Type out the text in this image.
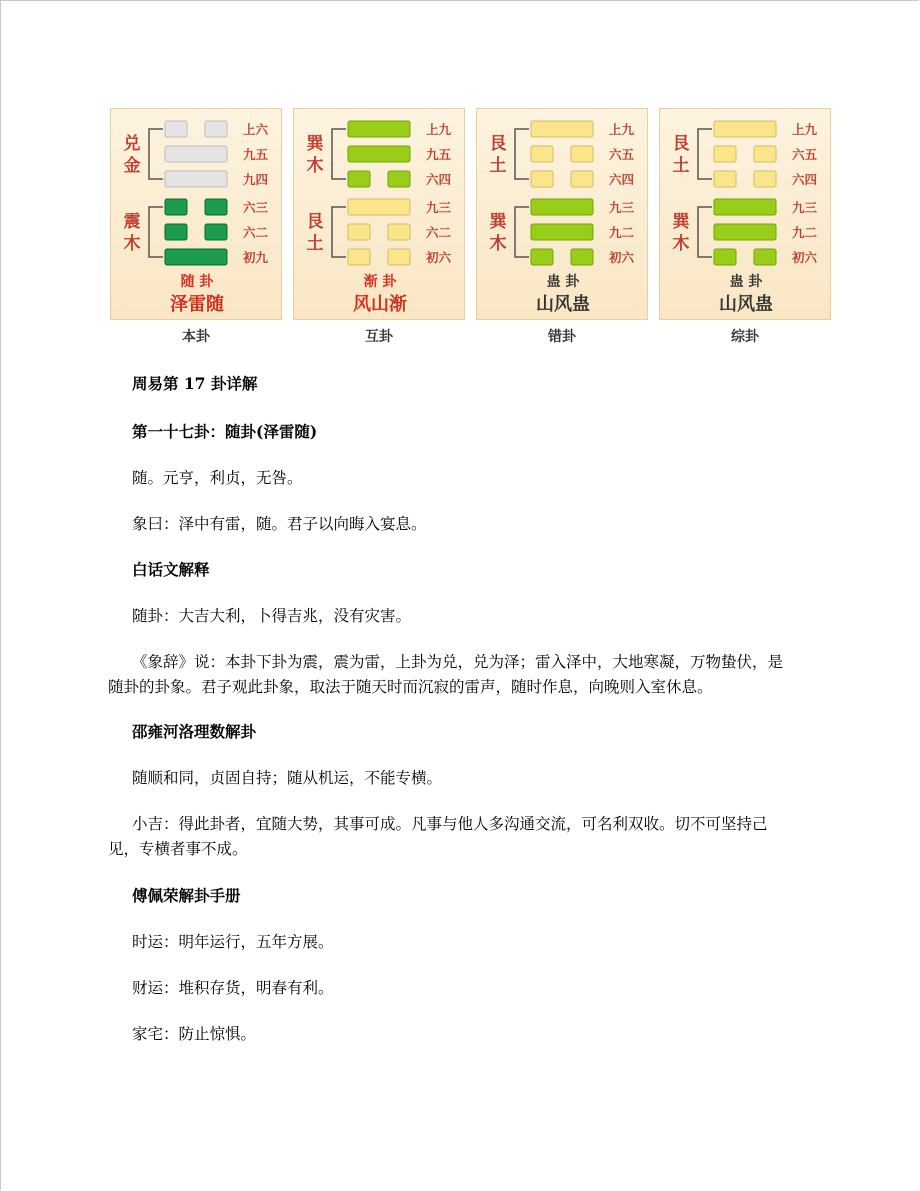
兑
金
震
木
上六
九五
九四
六三
六二
初九
随 卦
泽雷随
本卦
巽
木
艮
土
上九
九五
六四
九三
六二
初六
渐 卦
风山渐
互卦
艮
土
巽
木
上九
六五
六四
九三
九二
初六
蛊 卦
山风蛊
错卦
艮
土
巽
木
上九
六五
六四
九三
九二
初六
蛊 卦
山风蛊
综卦

周易第 17 卦详解

第一十七卦：随卦(泽雷随)

随。元亨，利贞，无咎。

象曰：泽中有雷，随。君子以向晦入宴息。

白话文解释

随卦：大吉大利，卜得吉兆，没有灾害。

《象辞》说：本卦下卦为震，震为雷，上卦为兑，兑为泽；雷入泽中，大地寒凝，万物蛰伏，是随卦的卦象。君子观此卦象，取法于随天时而沉寂的雷声，随时作息，向晚则入室休息。

邵雍河洛理数解卦

随顺和同，贞固自持；随从机运，不能专横。

小吉：得此卦者，宜随大势，其事可成。凡事与他人多沟通交流，可名利双收。切不可坚持己见，专横者事不成。

傅佩荣解卦手册

时运：明年运行，五年方展。

财运：堆积存货，明春有利。

家宅：防止惊惧。
